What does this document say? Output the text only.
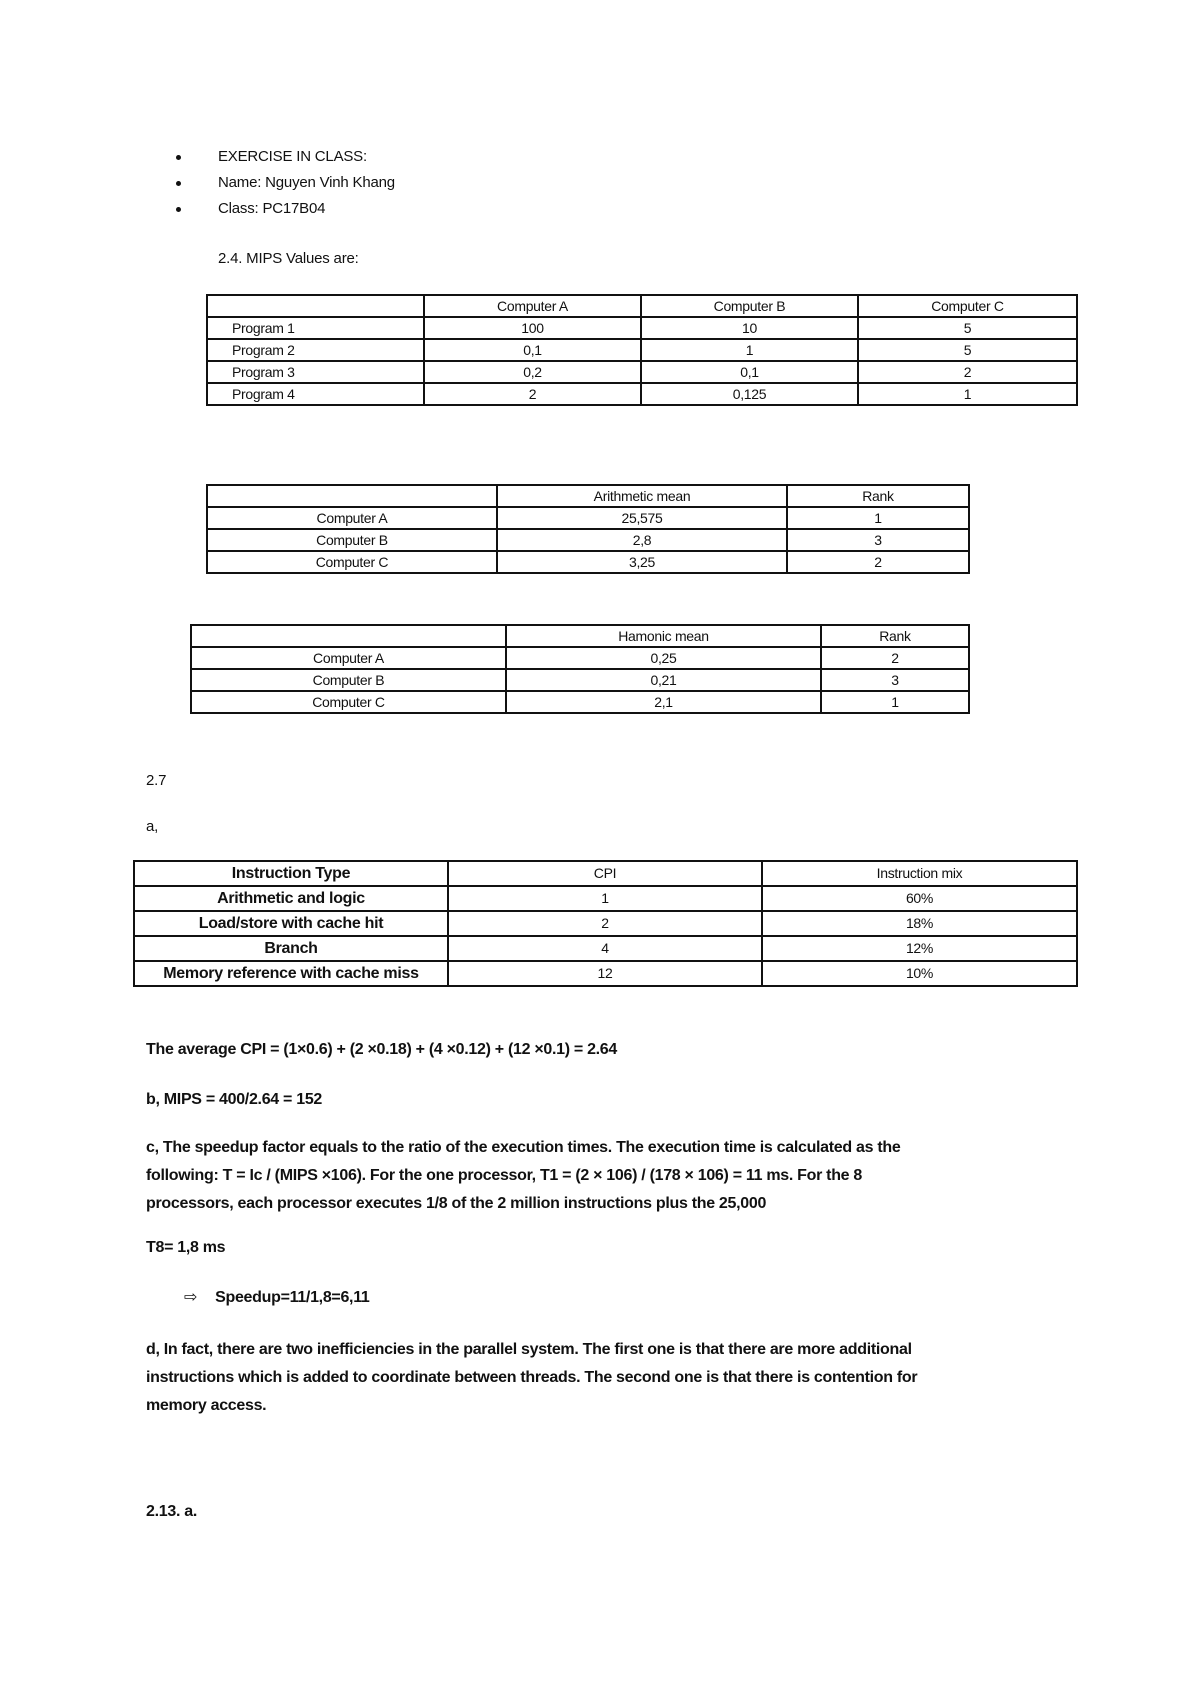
EXERCISE IN CLASS:
Name: Nguyen Vinh Khang
Class: PC17B04
2.4. MIPS Values are:
	Computer A	Computer B	Computer C
Program 1	100	10	5
Program 2	0,1	1	5
Program 3	0,2	0,1	2
Program 4	2	0,125	1
	Arithmetic mean	Rank
Computer A	25,575	1
Computer B	2,8	3
Computer C	3,25	2
	Hamonic mean	Rank
Computer A	0,25	2
Computer B	0,21	3
Computer C	2,1	1
2.7
a,
Instruction Type	CPI	Instruction mix
Arithmetic and logic	1	60%
Load/store with cache hit	2	18%
Branch	4	12%
Memory reference with cache miss	12	10%
The average CPI = (1×0.6) + (2 ×0.18) + (4 ×0.12) + (12 ×0.1) = 2.64
b, MIPS = 400/2.64 = 152
c, The speedup factor equals to the ratio of the execution times. The execution time is calculated as the
following: T = Ic / (MIPS ×106). For the one processor, T1 = (2 × 106) / (178 × 106) = 11 ms. For the 8
processors, each processor executes 1/8 of the 2 million instructions plus the 25,000
T8= 1,8 ms
⇨ Speedup=11/1,8=6,11
d, In fact, there are two inefficiencies in the parallel system. The first one is that there are more additional
instructions which is added to coordinate between threads. The second one is that there is contention for
memory access.
2.13. a.
